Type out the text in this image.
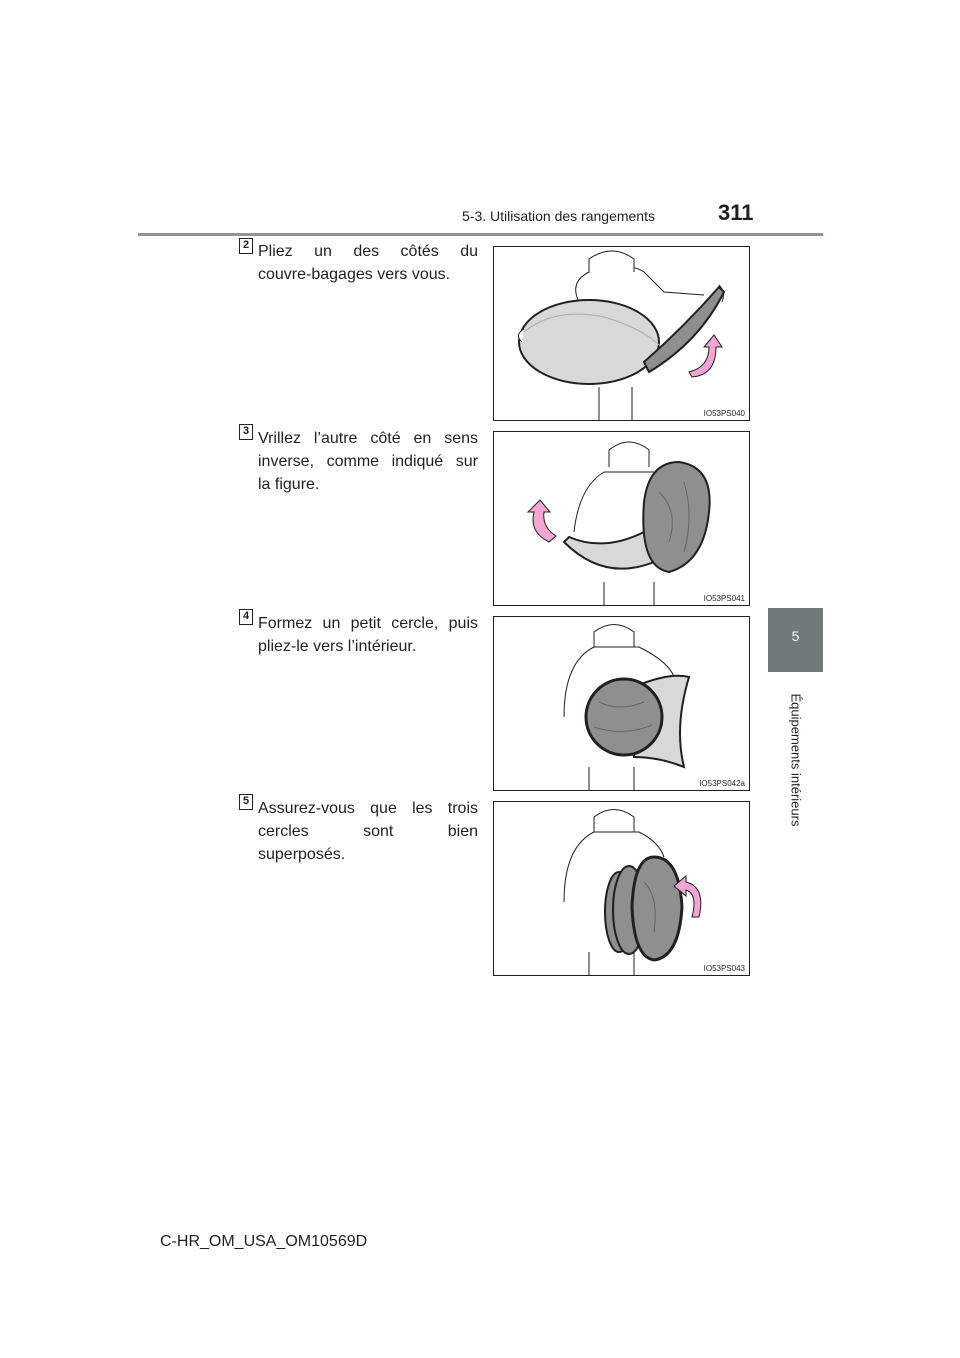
5-3. Utilisation des rangements	311
5
Équipements intérieurs
2 Pliez un des côtés du
couvre-bagages vers vous.
IO53PS040
3 Vrillez l’autre côté en sens
inverse, comme indiqué sur
la figure.
IO53PS041
4 Formez un petit cercle, puis
pliez-le vers l’intérieur.
IO53PS042a
5 Assurez-vous que les trois
cercles sont bien
superposés.
IO53PS043
C-HR_OM_USA_OM10569D
